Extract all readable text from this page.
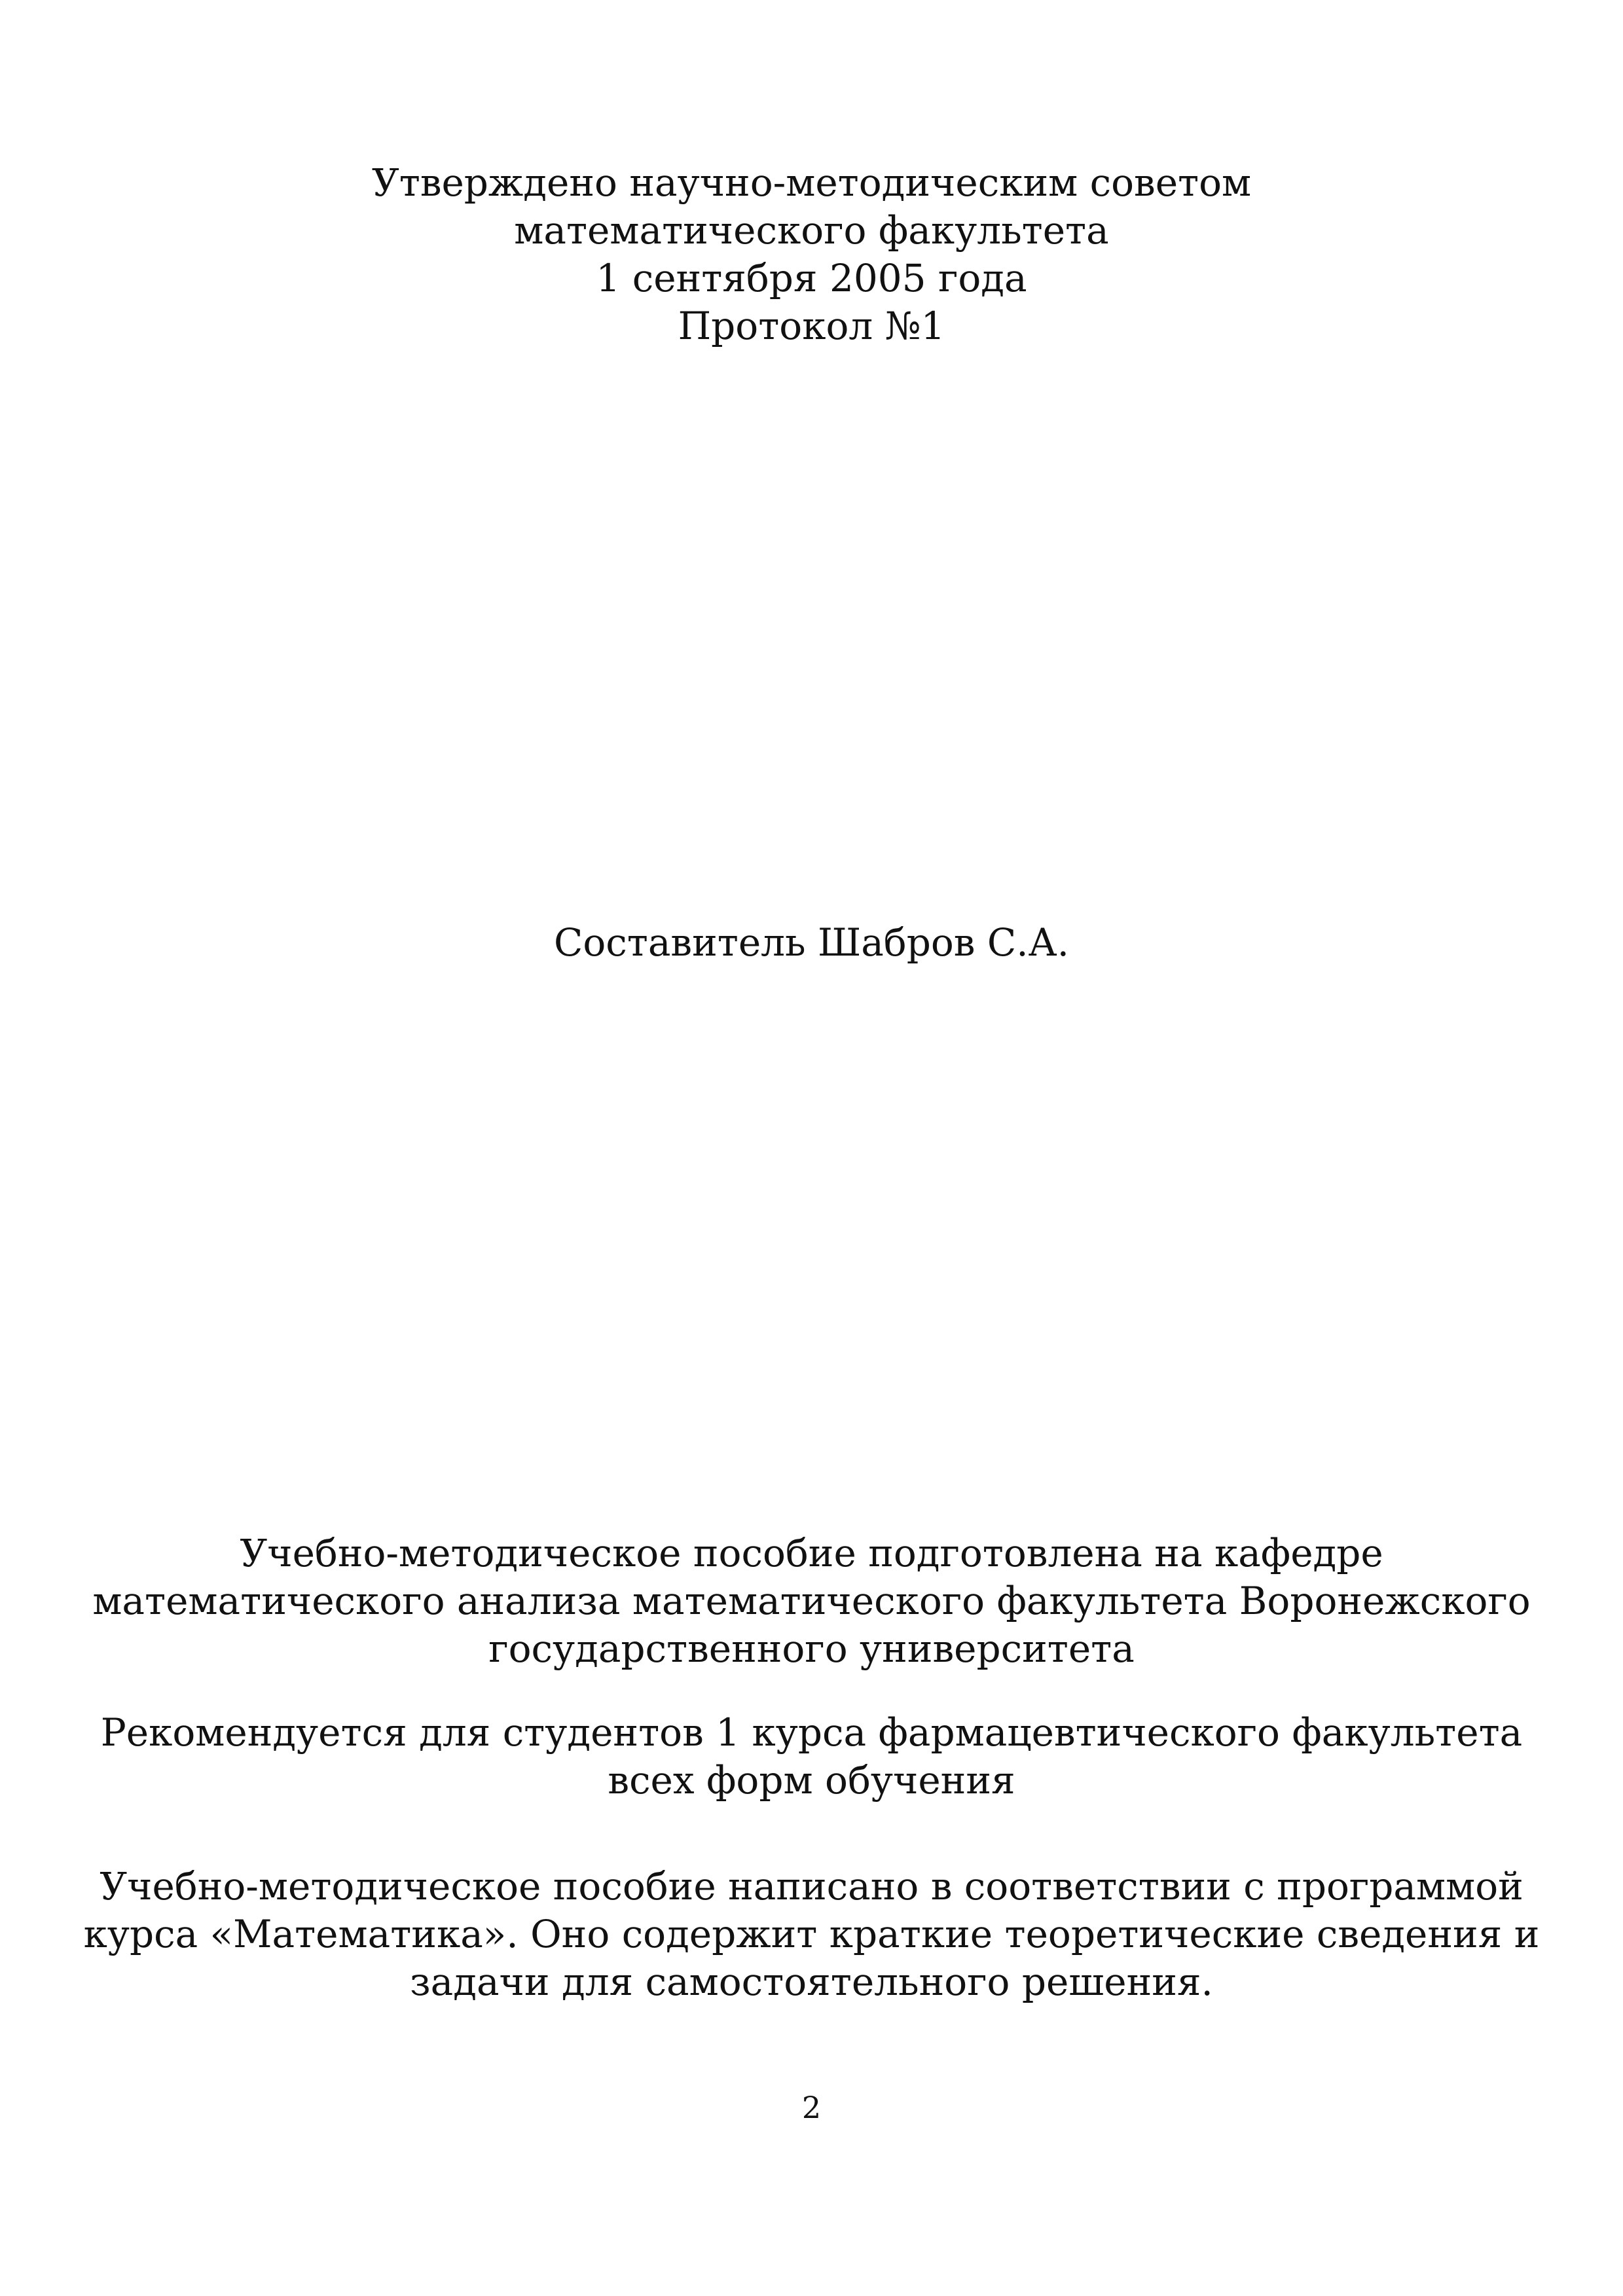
Утверждено научно-методическим советом
математического факультета
1 сентября 2005 года
Протокол №1
Составитель Шабров С.А.
Учебно-методическое пособие подготовлена на кафедре
математического анализа математического факультета Воронежского
государственного университета
Рекомендуется для студентов 1 курса фармацевтического факультета
всех форм обучения
Учебно-методическое пособие написано в соответствии с программой
курса «Математика». Оно содержит краткие теоретические сведения и
задачи для самостоятельного решения.
2
